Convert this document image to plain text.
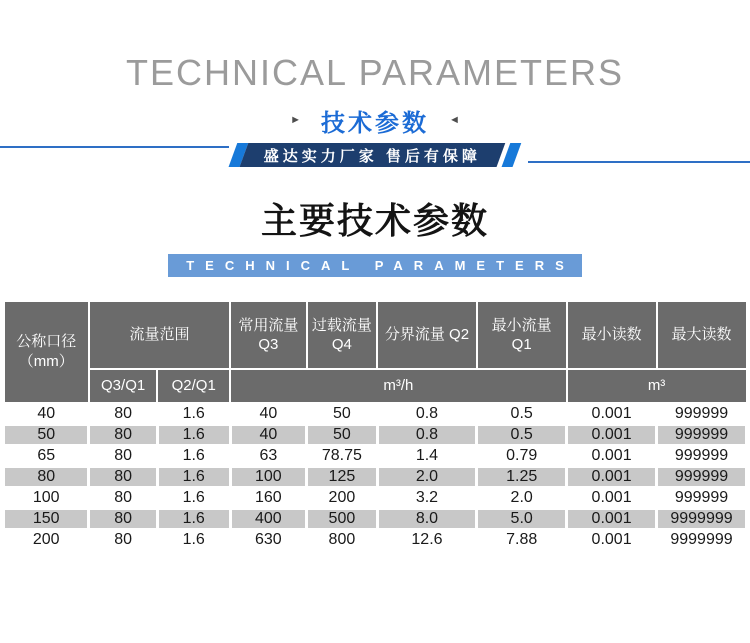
TECHNICAL PARAMETERS
► 技术参数 ◄
盛达实力厂家 售后有保障
主要技术参数
TECHNICAL PARAMETERS
公称口径（mm）	流量范围		常用流量 Q3	过载流量 Q4	分界流量 Q2	最小流量 Q1	最小读数	最大读数
	Q3/Q1	Q2/Q1	m³/h				m³	
40	80	1.6	40	50	0.8	0.5	0.001	999999
50	80	1.6	40	50	0.8	0.5	0.001	999999
65	80	1.6	63	78.75	1.4	0.79	0.001	999999
80	80	1.6	100	125	2.0	1.25	0.001	999999
100	80	1.6	160	200	3.2	2.0	0.001	999999
150	80	1.6	400	500	8.0	5.0	0.001	9999999
200	80	1.6	630	800	12.6	7.88	0.001	9999999
